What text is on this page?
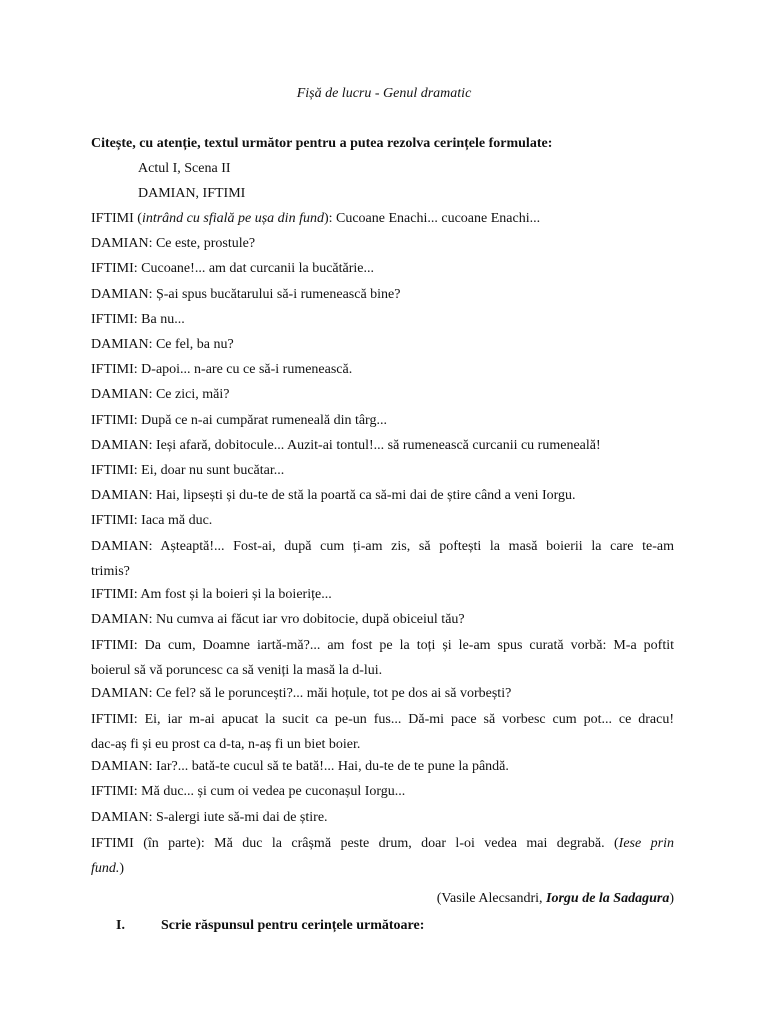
Fișă de lucru - Genul dramatic
Citește, cu atenție, textul următor pentru a putea rezolva cerințele formulate:
Actul I, Scena II
DAMIAN, IFTIMI
IFTIMI (intrând cu sfială pe ușa din fund): Cucoane Enachi... cucoane Enachi...
DAMIAN: Ce este, prostule?
IFTIMI: Cucoane!... am dat curcanii la bucătărie...
DAMIAN: Ș-ai spus bucătarului să-i rumenească bine?
IFTIMI: Ba nu...
DAMIAN: Ce fel, ba nu?
IFTIMI: D-apoi... n-are cu ce să-i rumenească.
DAMIAN: Ce zici, măi?
IFTIMI: După ce n-ai cumpărat rumeneală din târg...
DAMIAN: Ieși afară, dobitocule... Auzit-ai tontul!... să rumenească curcanii cu rumeneală!
IFTIMI: Ei, doar nu sunt bucătar...
DAMIAN: Hai, lipsești și du-te de stă la poartă ca să-mi dai de știre când a veni Iorgu.
IFTIMI: Iaca mă duc.
DAMIAN: Așteaptă!... Fost-ai, după cum ți-am zis, să poftești la masă boierii la care te-am
trimis?
IFTIMI: Am fost și la boieri și la boierițe...
DAMIAN: Nu cumva ai făcut iar vro dobitocie, după obiceiul tău?
IFTIMI: Da cum, Doamne iartă-mă?... am fost pe la toți și le-am spus curată vorbă: M-a poftit
boierul să vă poruncesc ca să veniți la masă la d-lui.
DAMIAN: Ce fel? să le poruncești?... măi hoțule, tot pe dos ai să vorbești?
IFTIMI: Ei, iar m-ai apucat la sucit ca pe-un fus... Dă-mi pace să vorbesc cum pot... ce dracu!
dac-aș fi și eu prost ca d-ta, n-aș fi un biet boier.
DAMIAN: Iar?... bată-te cucul să te bată!... Hai, du-te de te pune la pândă.
IFTIMI: Mă duc... și cum oi vedea pe cuconașul Iorgu...
DAMIAN: S-alergi iute să-mi dai de știre.
IFTIMI (în parte): Mă duc la crâșmă peste drum, doar l-oi vedea mai degrabă. (Iese prin
fund.)
(Vasile Alecsandri, Iorgu de la Sadagura)
I.	Scrie răspunsul pentru cerințele următoare:
